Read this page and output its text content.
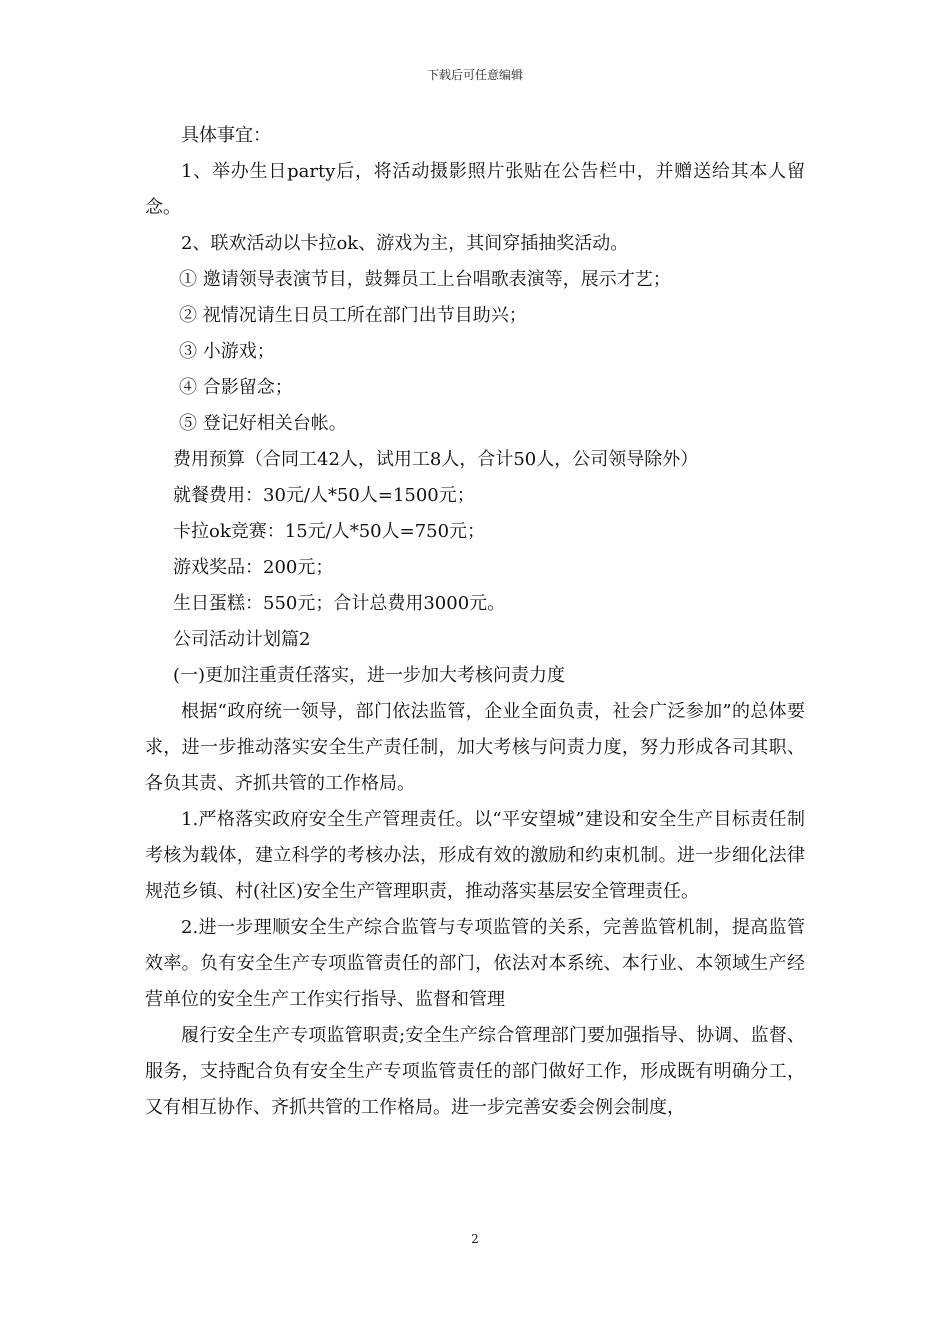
下载后可任意编辑

具体事宜：

1、举办生日party后，将活动摄影照片张贴在公告栏中，并赠送给其本人留念。

2、联欢活动以卡拉ok、游戏为主，其间穿插抽奖活动。

① 邀请领导表演节目，鼓舞员工上台唱歌表演等，展示才艺；

② 视情况请生日员工所在部门出节目助兴；

③ 小游戏；

④ 合影留念；

⑤ 登记好相关台帐。

费用预算（合同工42人，试用工8人，合计50人，公司领导除外）

就餐费用：30元/人*50人=1500元；

卡拉ok竞赛：15元/人*50人=750元；

游戏奖品：200元；

生日蛋糕：550元；合计总费用3000元。

公司活动计划篇2

(一)更加注重责任落实，进一步加大考核问责力度

根据“政府统一领导，部门依法监管，企业全面负责，社会广泛参加”的总体要求，进一步推动落实安全生产责任制，加大考核与问责力度，努力形成各司其职、各负其责、齐抓共管的工作格局。

1.严格落实政府安全生产管理责任。以“平安望城”建设和安全生产目标责任制考核为载体，建立科学的考核办法，形成有效的激励和约束机制。进一步细化法律规范乡镇、村(社区)安全生产管理职责，推动落实基层安全管理责任。

2.进一步理顺安全生产综合监管与专项监管的关系，完善监管机制，提高监管效率。负有安全生产专项监管责任的部门，依法对本系统、本行业、本领域生产经营单位的安全生产工作实行指导、监督和管理

履行安全生产专项监管职责;安全生产综合管理部门要加强指导、协调、监督、服务，支持配合负有安全生产专项监管责任的部门做好工作，形成既有明确分工，又有相互协作、齐抓共管的工作格局。进一步完善安委会例会制度，

2
